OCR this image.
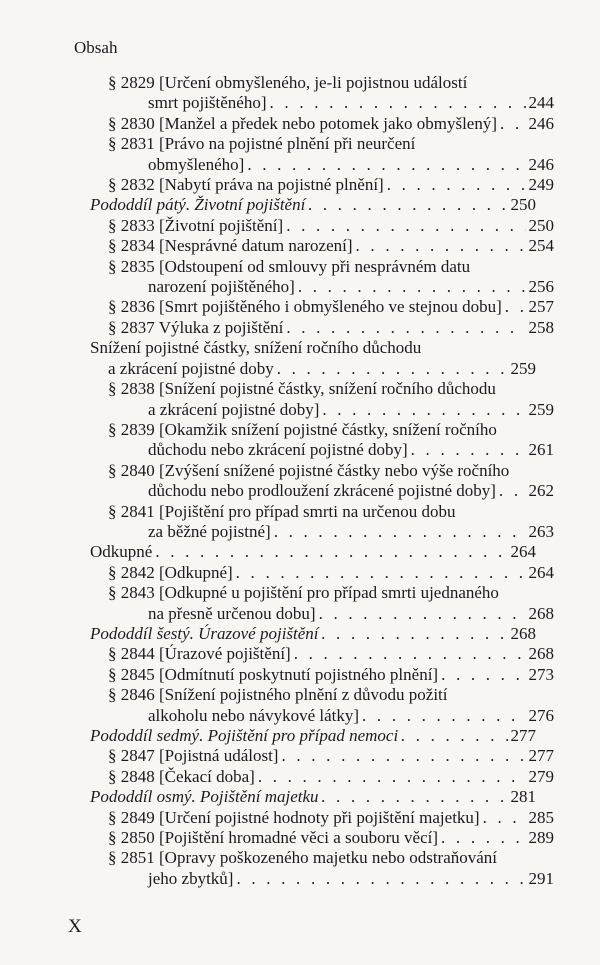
Obsah
§ 2829 [Určení obmyšleného, je-li pojistnou událostí
smrt pojištěného] . . .	244
§ 2830 [Manžel a předek nebo potomek jako obmyšlený] . . . 246
§ 2831 [Právo na pojistné plnění při neurčení
obmyšleného] . . .	246
§ 2832 [Nabytí práva na pojistné plnění] . . .	249
Pododdíl pátý. Životní pojištění . . .	250
§ 2833 [Životní pojištění] . . .	250
§ 2834 [Nesprávné datum narození] . . .	254
§ 2835 [Odstoupení od smlouvy při nesprávném datu
narození pojištěného] . . .	256
§ 2836 [Smrt pojištěného i obmyšleného ve stejnou dobu] . . . 257
§ 2837 Výluka z pojištění . . .	258
Snížení pojistné částky, snížení ročního důchodu
a zkrácení pojistné doby . . .	259
§ 2838 [Snížení pojistné částky, snížení ročního důchodu
a zkrácení pojistné doby] . . .	259
§ 2839 [Okamžik snížení pojistné částky, snížení ročního
důchodu nebo zkrácení pojistné doby] . . .	261
§ 2840 [Zvýšení snížené pojistné částky nebo výše ročního
důchodu nebo prodloužení zkrácené pojistné doby] . . . 262
§ 2841 [Pojištění pro případ smrti na určenou dobu
za běžné pojistné] . . .	263
Odkupné . . .	264
§ 2842 [Odkupné] . . .	264
§ 2843 [Odkupné u pojištění pro případ smrti ujednaného
na přesně určenou dobu] . . .	268
Pododdíl šestý. Úrazové pojištění . . .	268
§ 2844 [Úrazové pojištění] . . .	268
§ 2845 [Odmítnutí poskytnutí pojistného plnění] . . .	273
§ 2846 [Snížení pojistného plnění z důvodu požití
alkoholu nebo návykové látky] . . .	276
Pododdíl sedmý. Pojištění pro případ nemoci . . .	277
§ 2847 [Pojistná událost] . . .	277
§ 2848 [Čekací doba] . . .	279
Pododdíl osmý. Pojištění majetku . . .	281
§ 2849 [Určení pojistné hodnoty při pojištění majetku] . . .	285
§ 2850 [Pojištění hromadné věci a souboru věcí] . . .	289
§ 2851 [Opravy poškozeného majetku nebo odstraňování
jeho zbytků] . . .	291
X
